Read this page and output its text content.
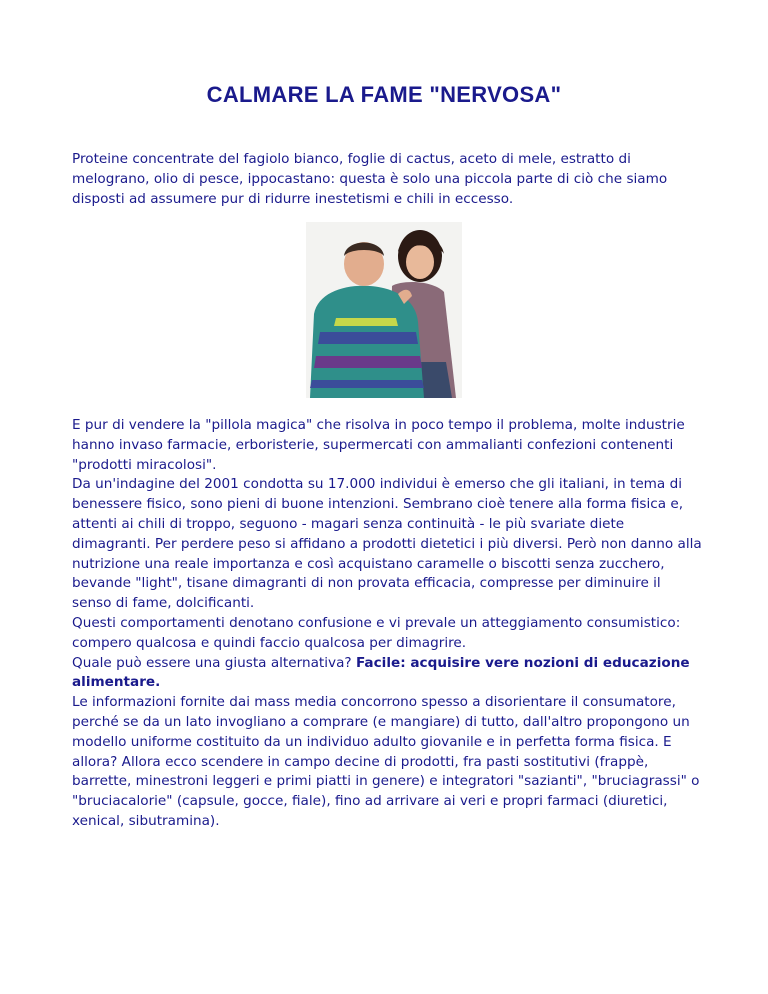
CALMARE LA FAME "NERVOSA"

Proteine concentrate del fagiolo bianco, foglie di cactus, aceto di mele, estratto di melograno, olio di pesce, ippocastano: questa è solo una piccola parte di ciò che siamo disposti ad assumere pur di ridurre inestetismi e chili in eccesso.

E pur di vendere la "pillola magica" che risolva in poco tempo il problema, molte industrie hanno invaso farmacie, erboristerie, supermercati con ammalianti confezioni contenenti "prodotti miracolosi".
Da un'indagine del 2001 condotta su 17.000 individui è emerso che gli italiani, in tema di benessere fisico, sono pieni di buone intenzioni. Sembrano cioè tenere alla forma fisica e, attenti ai chili di troppo, seguono - magari senza continuità - le più svariate diete dimagranti. Per perdere peso si affidano a prodotti dietetici i più diversi. Però non danno alla nutrizione una reale importanza e così acquistano caramelle o biscotti senza zucchero, bevande "light", tisane dimagranti di non provata efficacia, compresse per diminuire il senso di fame, dolcificanti.
Questi comportamenti denotano confusione e vi prevale un atteggiamento consumistico: compero qualcosa e quindi faccio qualcosa per dimagrire.
Quale può essere una giusta alternativa? Facile: acquisire vere nozioni di educazione alimentare.
Le informazioni fornite dai mass media concorrono spesso a disorientare il consumatore, perché se da un lato invogliano a comprare (e mangiare) di tutto, dall'altro propongono un modello uniforme costituito da un individuo adulto giovanile e in perfetta forma fisica. E allora? Allora ecco scendere in campo decine di prodotti, fra pasti sostitutivi (frappè, barrette, minestroni leggeri e primi piatti in genere) e integratori "sazianti", "bruciagrassi" o "bruciacalorie" (capsule, gocce, fiale), fino ad arrivare ai veri e propri farmaci (diuretici, xenical, sibutramina).
